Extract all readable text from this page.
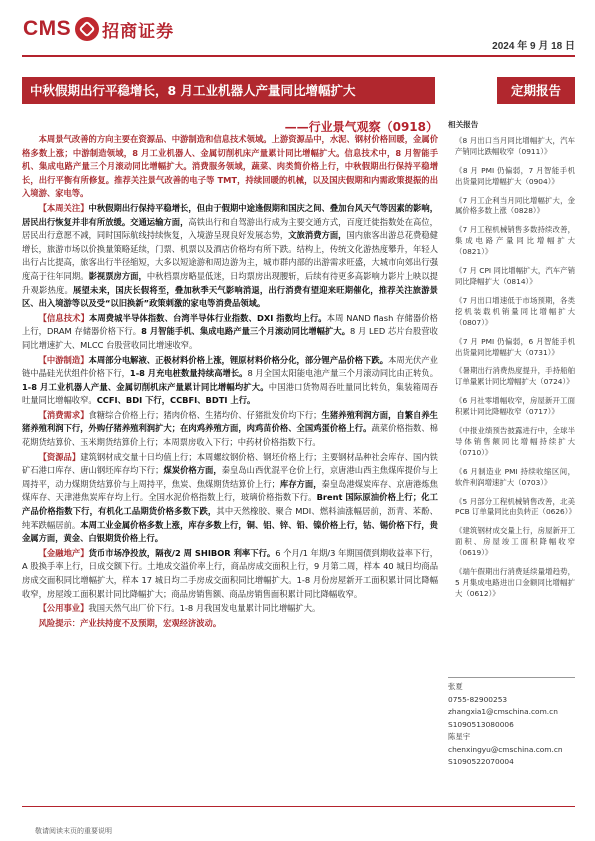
CMS 招商证券
2024 年 9 月 18 日
中秋假期出行平稳增长，8 月工业机器人产量同比增幅扩大	定期报告
——行业景气观察（0918）

本周景气改善的方向主要在资源品、中游制造和信息技术领域。上游资源品中，水泥、钢材价格回暖，金属价格多数上涨；中游制造领域，8 月工业机器人、金属切削机床产量累计同比增幅扩大。信息技术中，8 月智能手机、集成电路产量三个月滚动同比增幅扩大。消费服务领域，蔬菜、肉类简价格上行，中秋假期出行保持平稳增长，出行平衡有所修复。推荐关注景气改善的电子等 TMT，持续回暖的机械，以及国庆假期和内需政策提振的出入境游、家电等。

【本周关注】中秋假期出行保持平稳增长，但由于假期中途逢假期和国庆之间、叠加台风天气等因素的影响，居民出行恢复并非有所放缓。交通运输方面，高铁出行和自驾游出行成为主要交通方式，百度迁徙指数处在高位，居民出行意愿不减，同时国际航线持续恢复，入境游呈现良好发展态势，文旅消费方面，国内旅客出游总花费稳健增长，旅游市场以价换量策略延续，门票、机票以及酒店价格均有所下跌。结构上，传统文化游热度攀升，年轻人出行占比提高，旅客出行半径缩短，大多以短途游和周边游为主，城市群内部的出游需求旺盛，大城市向郊出行强度高于往年同期。影视票房方面，中秋档票房略显低迷，日均票房出现腰斩，后续有待更多高影响力影片上映以提升观影热度。展望未来，国庆长假将至，叠加秋季天气影响消退，出行消费有望迎来旺期催化，推荐关注旅游景区、出入境游等以及受“以旧换新”政策刺激的家电等消费品领域。

【信息技术】本周费城半导体指数、台湾半导体行业指数、DXI 指数均上行。本周 NAND flash 存储器价格上行，DRAM 存储器价格下行。8 月智能手机、集成电路产量三个月滚动同比增幅扩大。8 月 LED 芯片台股营收同比增速扩大、MLCC 台股营收同比增速收窄。

【中游制造】本周部分电解液、正极材料价格上涨，锂原材料价格分化，部分锂产品价格下跌。本周光伏产业链中晶硅光伏组件价格下行，1-8 月充电桩数量持续高增长。8 月全国太阳能电池产量三个月滚动同比由正转负。1-8 月工业机器人产量、金属切削机床产量累计同比增幅均扩大。中国港口货物周吞吐量同比转负，集装箱周吞吐量同比增幅收窄。CCFI、BDI 下行，CCBFI、BDTI 上行。

【消费需求】食糖综合价格上行；猪肉价格、生猪均价、仔猪批发价均下行；生猪养殖利润方面，自繁自养生猪养殖利润下行，外购仔猪养殖利润扩大；在肉鸡养殖方面，肉鸡苗价格、全国鸡蛋价格上行。蔬菜价格指数、棉花期货结算价、玉米期货结算价上行；本周票房收入下行；中药材价格指数下行。

【资源品】建筑钢材成交量十日均值上行；本周螺纹钢价格、钢坯价格上行；主要钢材品种社会库存、国内铁矿石港口库存、唐山钢坯库存均下行；煤炭价格方面，秦皇岛山西优混平仓价上行，京唐港山西主焦煤库提价与上周持平，动力煤期货结算价与上周持平，焦炭、焦煤期货结算价上行；库存方面，秦皇岛港煤炭库存、京唐港炼焦煤库存、天津港焦炭库存均上行。全国水泥价格指数上行，玻璃价格指数下行。Brent 国际原油价格上行；化工产品价格指数下行，有机化工品期货价格多数下跌，其中天然橡胶、聚合 MDI、燃料油涨幅居前，沥青、苯酚、纯苯跌幅居前。本周工业金属价格多数上涨，库存多数上行，铜、铝、锌、铅、镍价格上行，钴、锡价格下行，贵金属方面，黄金、白银期货价格上行。

【金融地产】货币市场净投放，隔夜/2 周 SHIBOR 利率下行。6 个月/1 年期/3 年期国债到期收益率下行，A 股换手率上行，日成交额下行。土地成交溢价率上行，商品房成交面积上行，9 月第二周，样本 40 城日均商品房成交面积同比增幅扩大，样本 17 城日均二手房成交面积同比增幅扩大。1-8 月份房屋新开工面积累计同比降幅收窄，房屋竣工面积累计同比降幅扩大；商品房销售额、商品房销售面积累计同比降幅收窄。

【公用事业】我国天然气出厂价下行。1-8 月我国发电量累计同比增幅扩大。

风险提示：产业扶持度不及预期，宏观经济波动。

相关报告
《8 月出口当月同比增幅扩大，汽车产销同比跌幅收窄（0911）》
《8 月 PMI 仍偏弱，7 月智能手机出货量同比增幅扩大（0904）》
《7 月工企利当月同比增幅扩大，金属价格多数上涨（0828）》
《7 月工程机械销售多数持续改善，集成电路产量同比增幅扩大（0821）》
《7 月 CPI 同比增幅扩大，汽车产销同比降幅扩大（0814）》
《7 月出口增速低于市场预期，各类挖机装载机销量同比增幅扩大（0807）》
《7 月 PMI 仍偏弱，6 月智能手机出货量同比增幅扩大（0731）》
《暑期出行消费热度提升，手持船舶订单量累计同比增幅扩大（0724）》
《6 月社零增幅收窄，房屋新开工面积累计同比降幅收窄（0717）》
《中报业绩预告披露进行中，全球半导体销售额同比增幅持续扩大（0710）》
《6 月制造业 PMI 持续收缩区间，软件利润增速扩大（0703）》
《5 月部分工程机械销售改善，北美 PCB 订单量同比由负转正（0626）》
《建筑钢材成交量上行，房屋新开工面积、房屋竣工面积降幅收窄（0619）》
《端午假期出行消费延续量增趋势，5 月集成电路进出口金额同比增幅扩大（0612）》
张夏
0755-82900253
zhangxia1@cmschina.com.cn
S1090513080006
陈星宇
chenxingyu@cmschina.com.cn
S1090522070004
敬请阅读末页的重要说明
